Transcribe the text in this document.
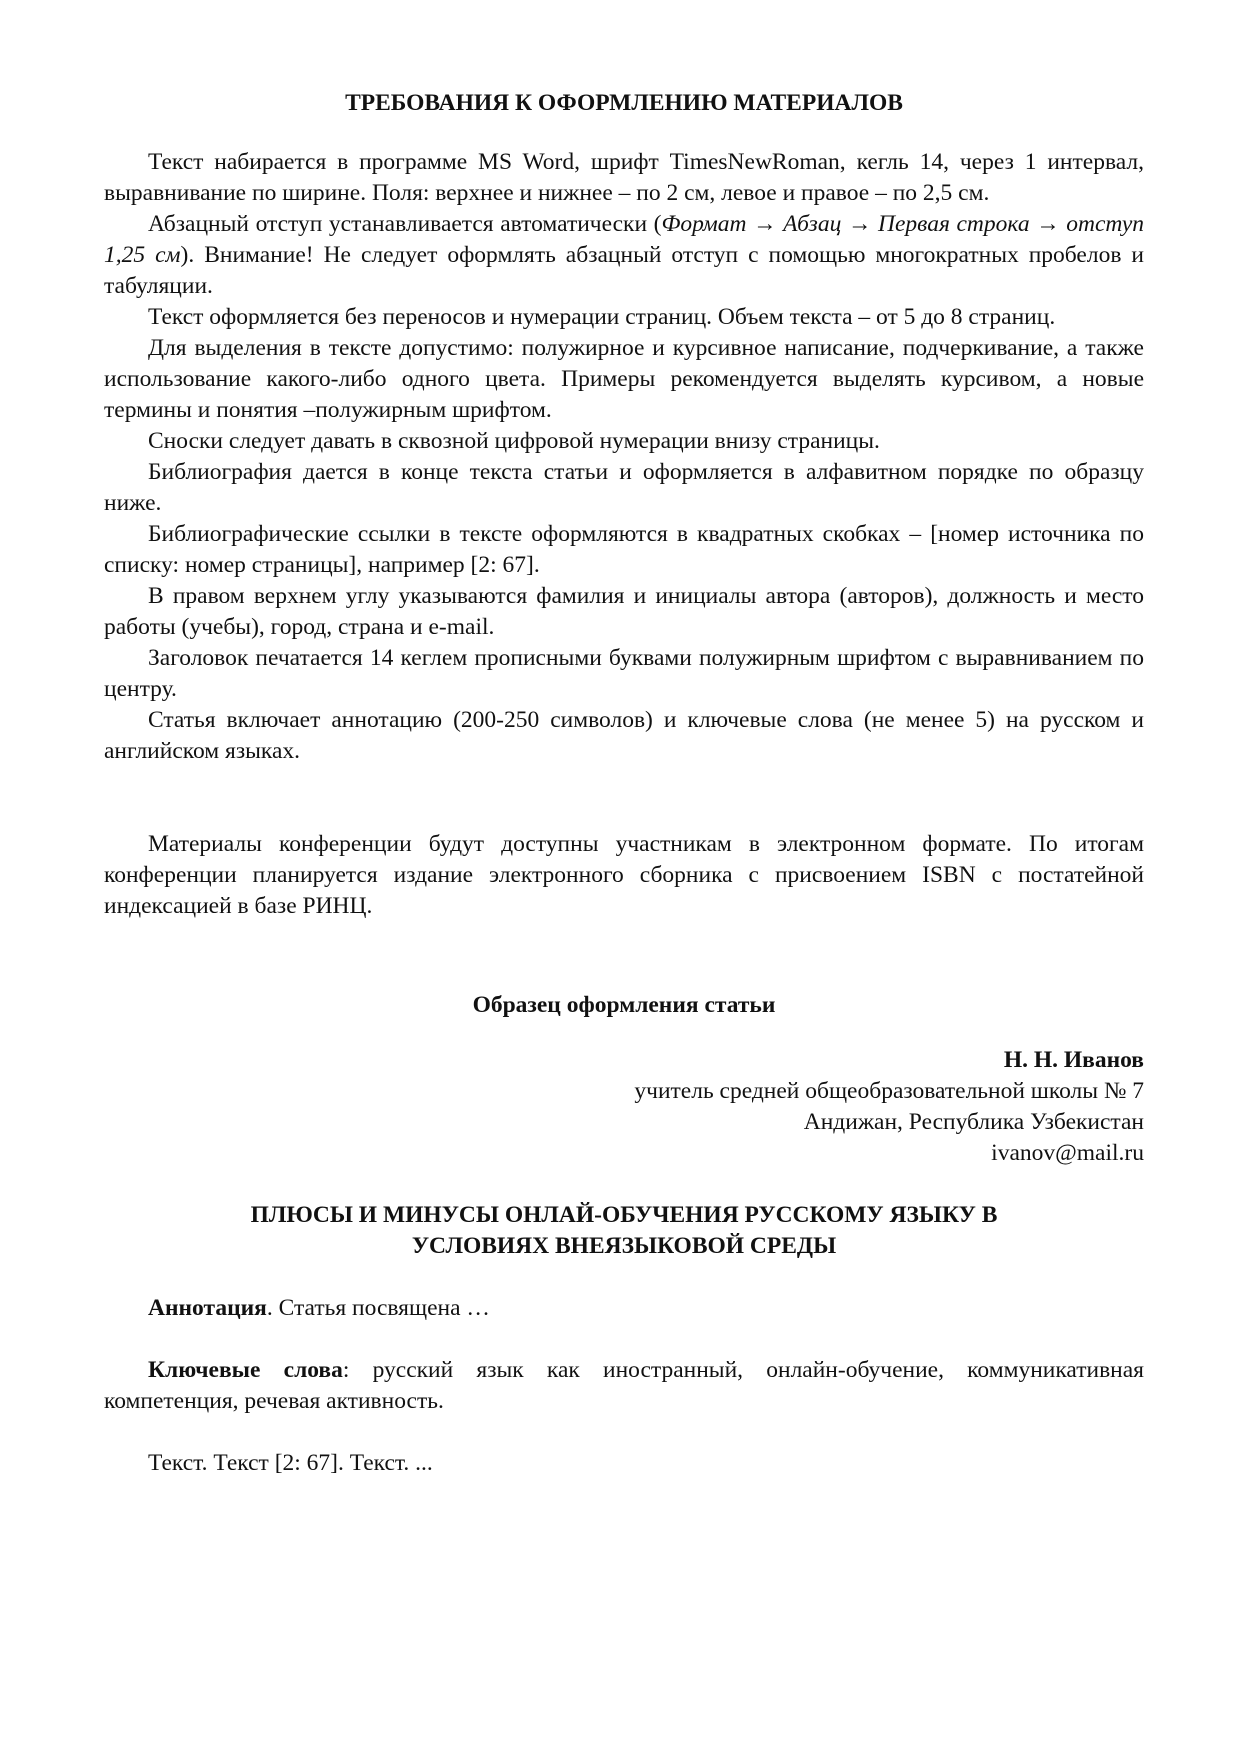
ТРЕБОВАНИЯ К ОФОРМЛЕНИЮ МАТЕРИАЛОВ

Текст набирается в программе MS Word, шрифт TimesNewRoman, кегль 14, через 1 интервал, выравнивание по ширине. Поля: верхнее и нижнее – по 2 см, левое и правое – по 2,5 см.

Абзацный отступ устанавливается автоматически (Формат → Абзац → Первая строка → отступ 1,25 см). Внимание! Не следует оформлять абзацный отступ с помощью многократных пробелов и табуляции.

Текст оформляется без переносов и нумерации страниц. Объем текста – от 5 до 8 страниц.

Для выделения в тексте допустимо: полужирное и курсивное написание, подчеркивание, а также использование какого-либо одного цвета. Примеры рекомендуется выделять курсивом, а новые термины и понятия –полужирным шрифтом.

Сноски следует давать в сквозной цифровой нумерации внизу страницы.

Библиография дается в конце текста статьи и оформляется в алфавитном порядке по образцу ниже.

Библиографические ссылки в тексте оформляются в квадратных скобках – [номер источника по списку: номер страницы], например [2: 67].

В правом верхнем углу указываются фамилия и инициалы автора (авторов), должность и место работы (учебы), город, страна и e-mail.

Заголовок печатается 14 кеглем прописными буквами полужирным шрифтом с выравниванием по центру.

Статья включает аннотацию (200-250 символов) и ключевые слова (не менее 5) на русском и английском языках.

Материалы конференции будут доступны участникам в электронном формате. По итогам конференции планируется издание электронного сборника с присвоением ISBN с постатейной индексацией в базе РИНЦ.

Образец оформления статьи

Н. Н. Иванов

учитель средней общеобразовательной школы № 7

Андижан, Республика Узбекистан

ivanov@mail.ru

ПЛЮСЫ И МИНУСЫ ОНЛАЙ-ОБУЧЕНИЯ РУССКОМУ ЯЗЫКУ В

УСЛОВИЯХ ВНЕЯЗЫКОВОЙ СРЕДЫ

Аннотация. Статья посвящена …

Ключевые слова: русский язык как иностранный, онлайн-обучение, коммуникативная компетенция, речевая активность.

Текст. Текст [2: 67]. Текст. ...
